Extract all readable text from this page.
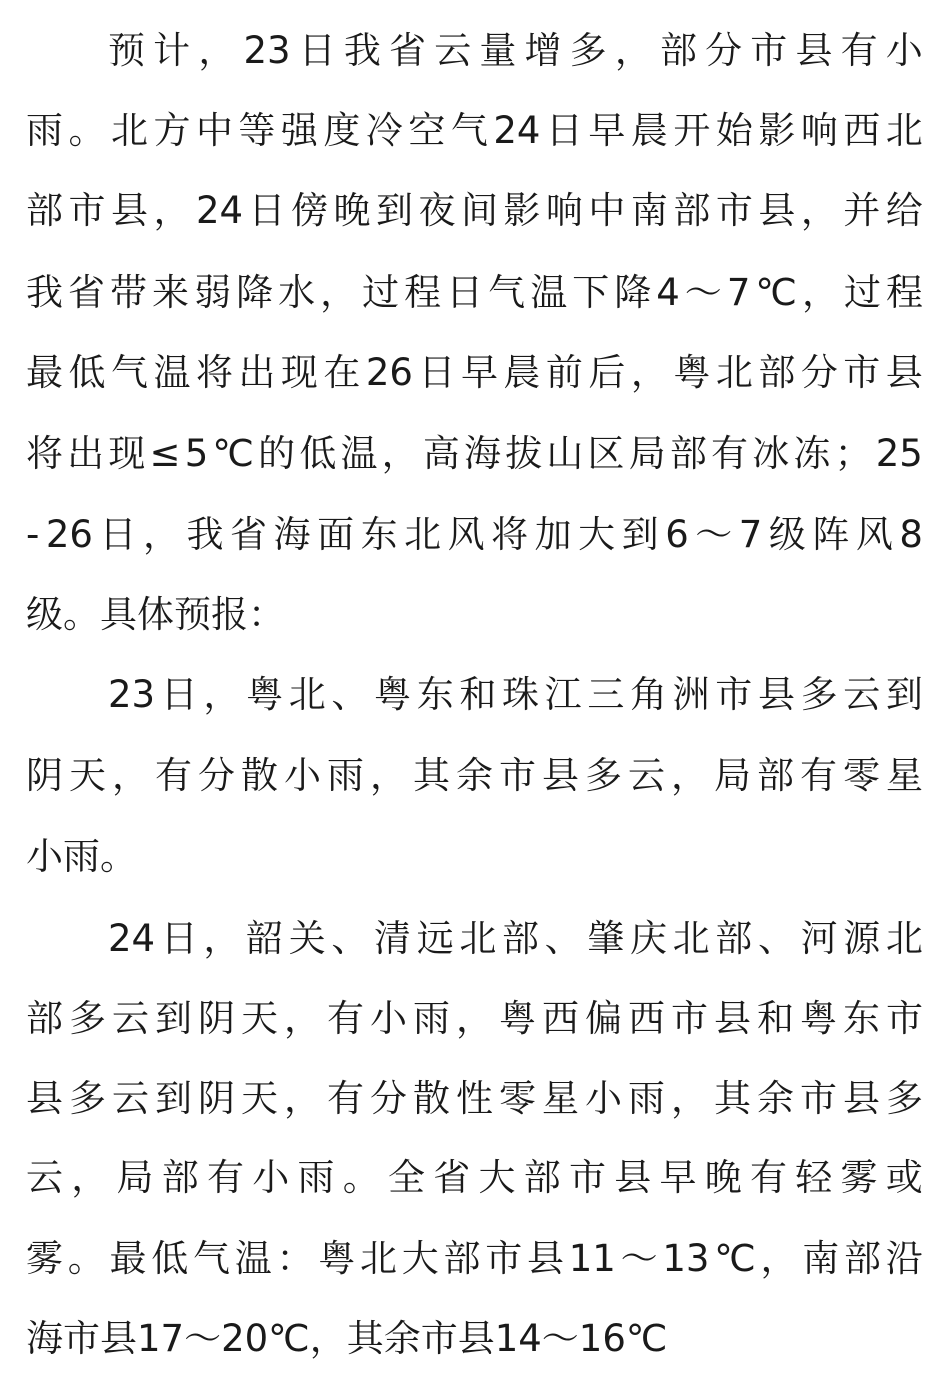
预 计 ， 23 日 我 省 云 量 增 多 ， 部 分 市 县 有 小
雨 。 北 方 中 等 强 度 冷 空 气 24 日 早 晨 开 始 影 响 西 北
部 市 县 ， 24 日 傍 晚 到 夜 间 影 响 中 南 部 市 县 ， 并 给
我 省 带 来 弱 降 水 ， 过 程 日 气 温 下 降 4 ～ 7 ℃ ， 过 程
最 低 气 温 将 出 现 在 26 日 早 晨 前 后 ， 粤 北 部 分 市 县
将 出 现 ≤ 5 ℃ 的 低 温 ， 高 海 拔 山 区 局 部 有 冰 冻 ； 25
- 26 日 ， 我 省 海 面 东 北 风 将 加 大 到 6 ～ 7 级 阵 风 8
级。具体预报：
23 日 ， 粤 北 、 粤 东 和 珠 江 三 角 洲 市 县 多 云 到
阴 天 ， 有 分 散 小 雨 ， 其 余 市 县 多 云 ， 局 部 有 零 星
小雨。
24 日 ， 韶 关 、 清 远 北 部 、 肇 庆 北 部 、 河 源 北
部 多 云 到 阴 天 ， 有 小 雨 ， 粤 西 偏 西 市 县 和 粤 东 市
县 多 云 到 阴 天 ， 有 分 散 性 零 星 小 雨 ， 其 余 市 县 多
云 ， 局 部 有 小 雨 。 全 省 大 部 市 县 早 晚 有 轻 雾 或
雾 。 最 低 气 温 ： 粤 北 大 部 市 县 11 ～ 13 ℃ ， 南 部 沿
海市县17～20℃，其余市县14～16℃
